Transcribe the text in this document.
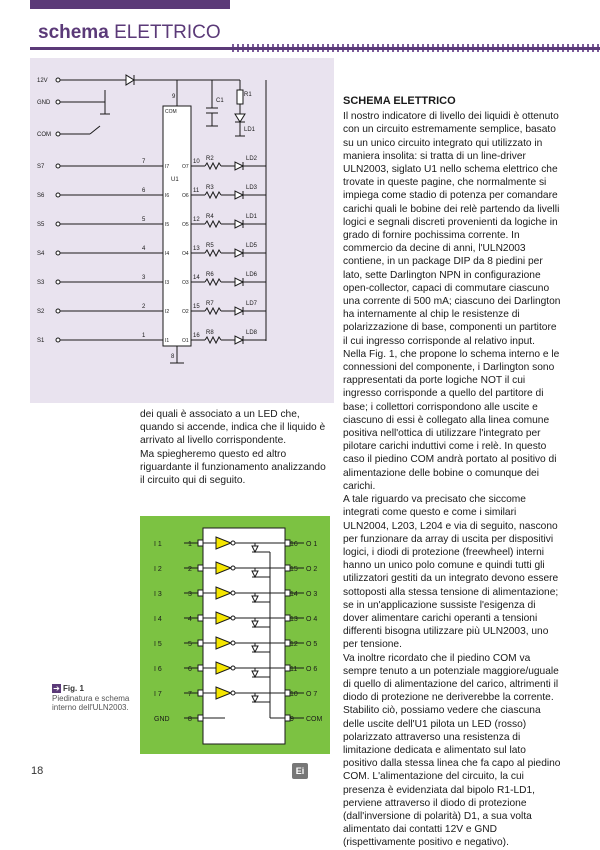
schema ELETTRICO
12V
GND
COM
U1
COM
9
8
C1
R1
LD1
S7
7
I7	O7
10 R2	LD2
S6
6
I6	O6
11 R3	LD3
S5
5
I5	O5
12 R4	LD1
S4
4
I4	O4
13 R5	LD5
S3
3
I3	O3
14 R6	LD6
S2
2
I2	O2
15 R7	LD7
S1
1
I1	O1
16 R8	LD8
SCHEMA ELETTRICO

Il nostro indicatore di livello dei liquidi è ottenuto con un circuito estremamente semplice, basato su un unico circuito integrato qui utilizzato in maniera insolita: si tratta di un line-driver ULN2003, siglato U1 nello schema elettrico che trovate in queste pagine, che normalmente si impiega come stadio di potenza per comandare carichi quali le bobine dei relè partendo da livelli logici e segnali discreti provenienti da logiche in grado di fornire pochissima corrente. In commercio da decine di anni, l'ULN2003 contiene, in un package DIP da 8 piedini per lato, sette Darlington NPN in configurazione open-collector, capaci di commutare ciascuno una corrente di 500 mA; ciascuno dei Darlington ha internamente al chip le resistenze di polarizzazione di base, componenti un partitore il cui ingresso corrisponde al relativo input.

Nella Fig. 1, che propone lo schema interno e le connessioni del componente, i Darlington sono rappresentati da porte logiche NOT il cui ingresso corrisponde a quello del partitore di base; i collettori corrispondono alle uscite e ciascuno di essi è collegato alla linea comune positiva nell'ottica di utilizzare l'integrato per pilotare carichi induttivi come i relè. In questo caso il piedino COM andrà portato al positivo di alimentazione delle bobine o comunque dei carichi.

A tale riguardo va precisato che siccome integrati come questo e come i similari ULN2004, L203, L204 e via di seguito, nascono per funzionare da array di uscita per dispositivi logici, i diodi di protezione (freewheel) interni hanno un unico polo comune e quindi tutti gli utilizzatori gestiti da un integrato devono essere sottoposti alla stessa tensione di alimentazione; se in un'applicazione sussiste l'esigenza di dover alimentare carichi operanti a tensioni differenti bisogna utilizzare più ULN2003, uno per tensione.

Va inoltre ricordato che il piedino COM va sempre tenuto a un potenziale maggiore/uguale di quello di alimentazione del carico, altrimenti il diodo di protezione ne deriverebbe la corrente.

Stabilito ciò, possiamo vedere che ciascuna delle uscite dell'U1 pilota un LED (rosso) polarizzato attraverso una resistenza di limitazione dedicata e alimentato sul lato positivo dalla stessa linea che fa capo al piedino COM. L'alimentazione del circuito, la cui presenza è evidenziata dal bipolo R1-LD1, perviene attraverso il diodo di protezione (dall'inversione di polarità) D1, a sua volta alimentato dai contatti 12V e GND (rispettivamente positivo e negativo).

dei quali è associato a un LED che, quando si accende, indica che il liquido è arrivato al livello corrispondente.

Ma spiegheremo questo ed altro riguardante il funzionamento analizzando il circuito qui di seguito.

I 1	1	16 O 1
I 2	2	15 O 2
I 3	3	14 O 3
I 4	4	13 O 4
I 5	5	12 O 5
I 6	6	11 O 6
I 7	7	10 O 7
GND	8	9 COM
➔ Fig. 1
Piedinatura e schema interno dell'ULN2003.
18	Ei
